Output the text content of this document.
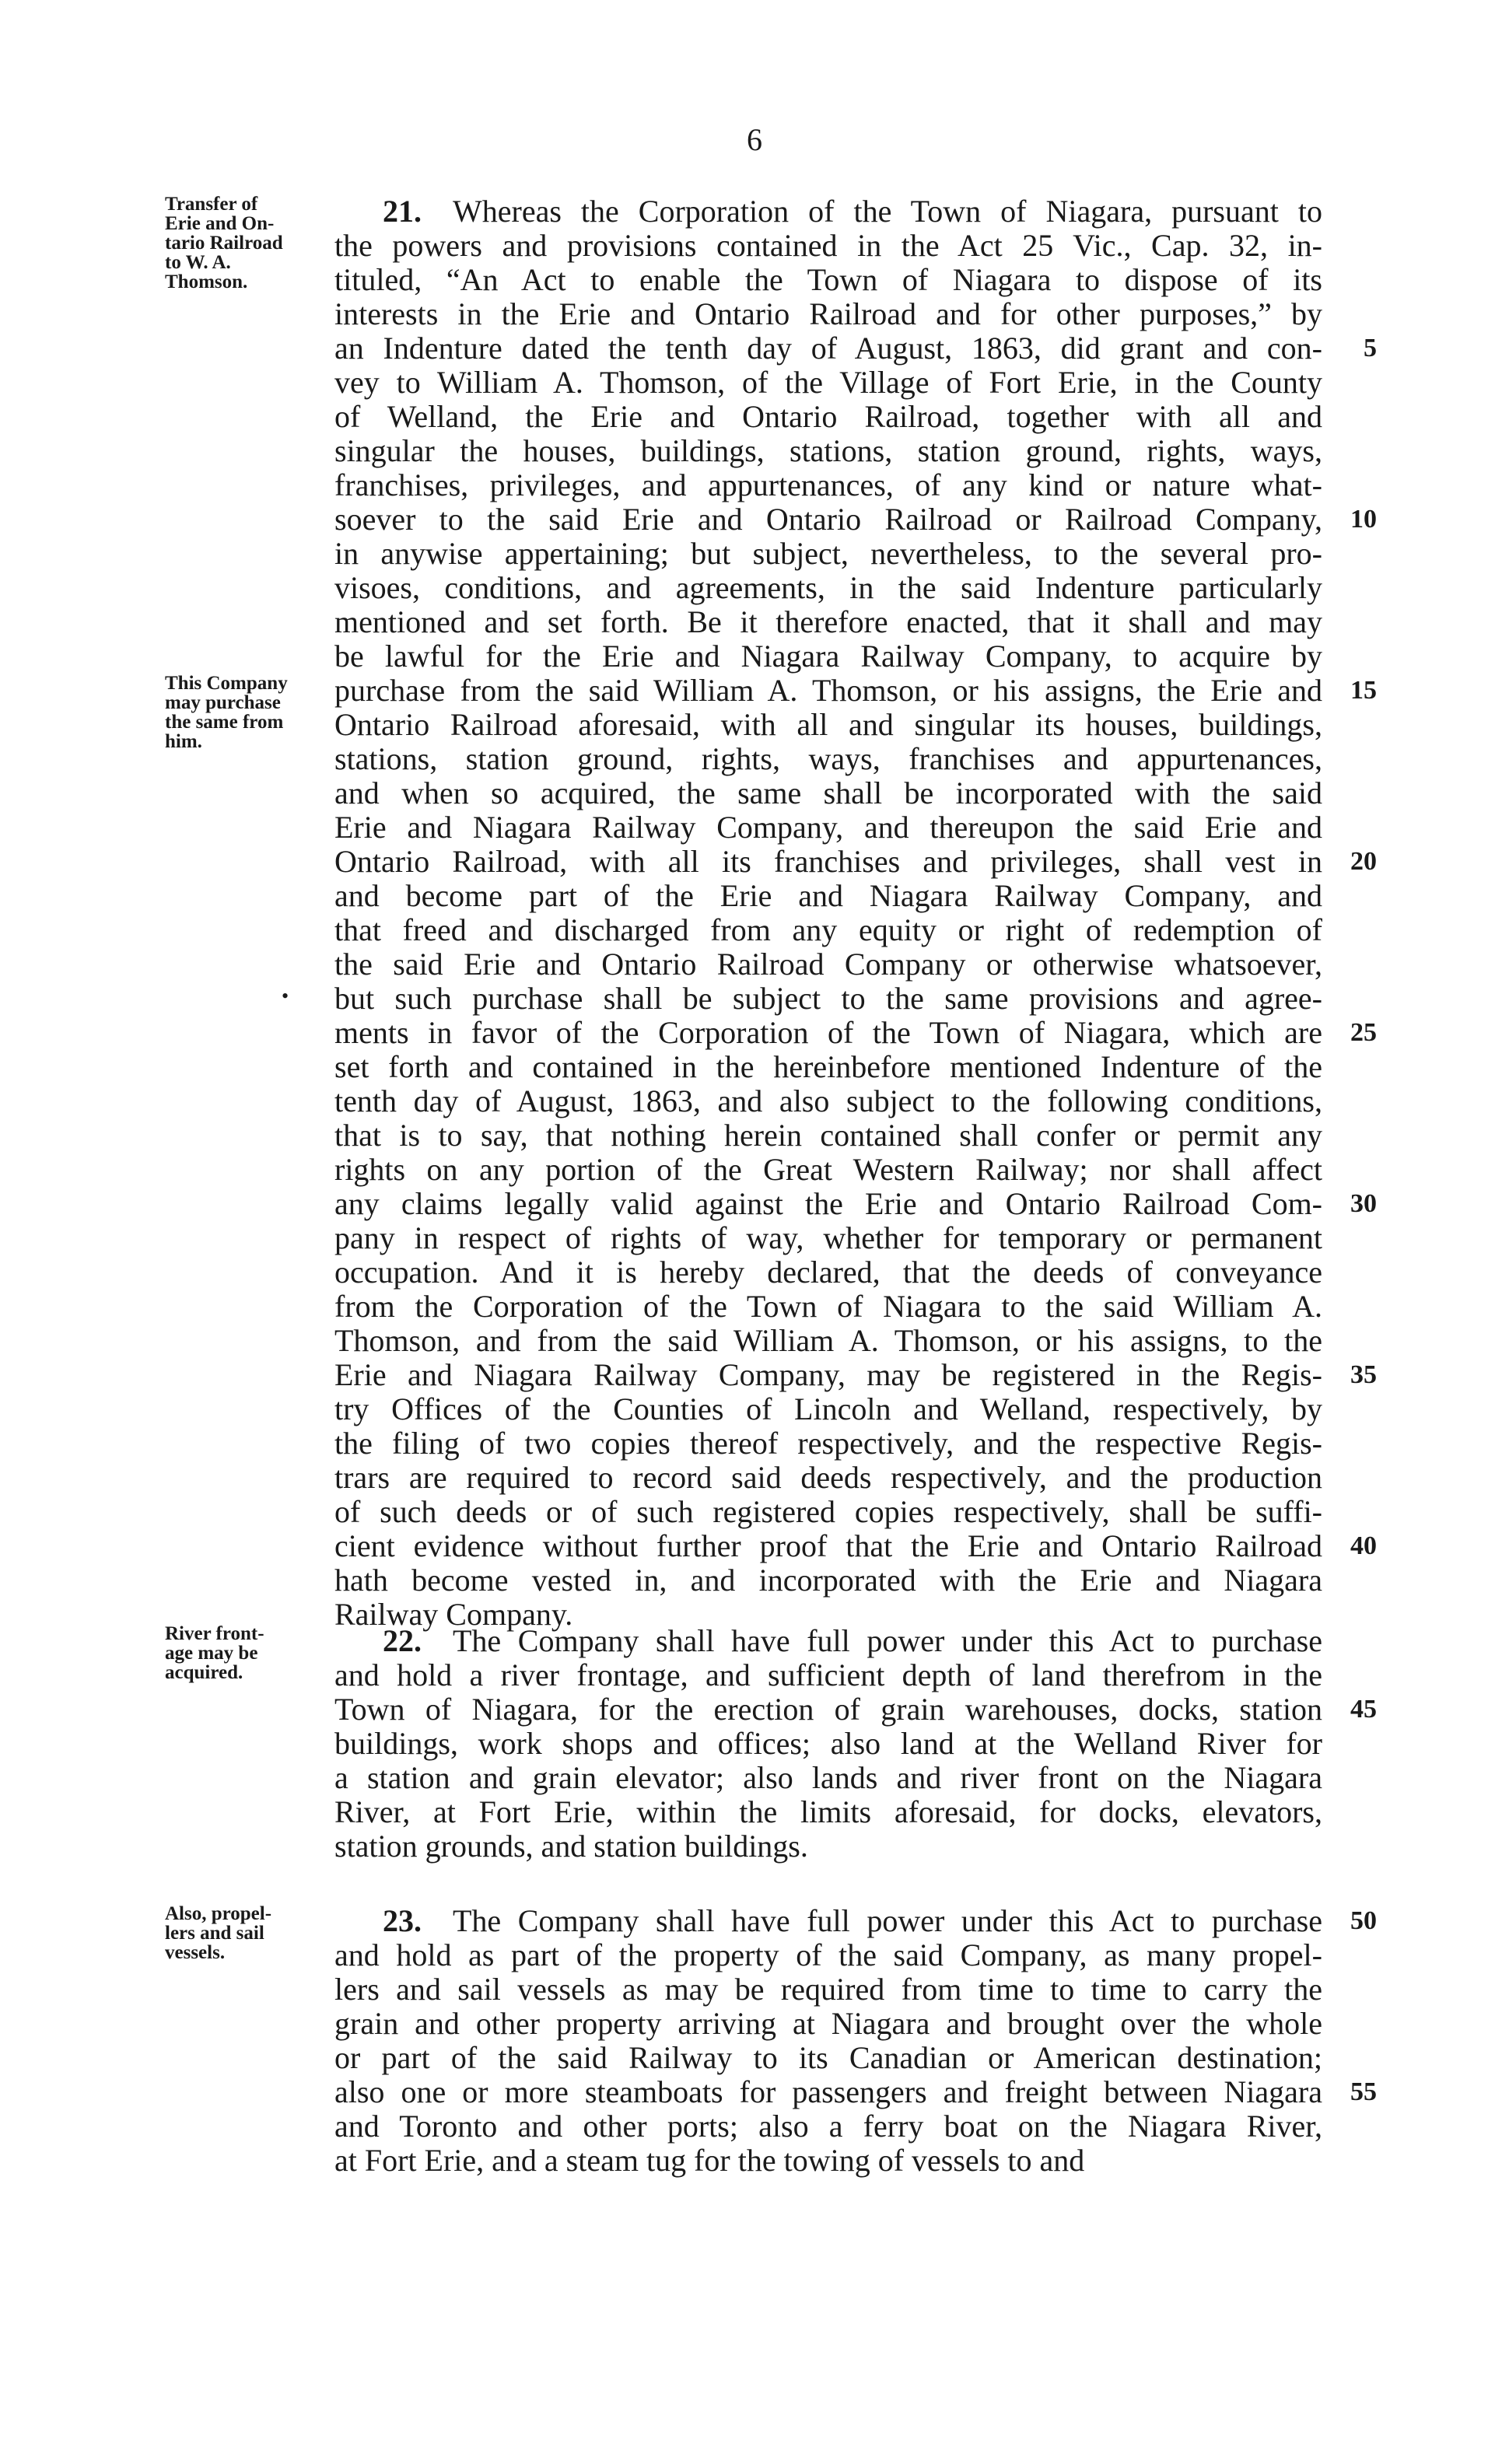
6
Transfer of
Erie and On-
tario Railroad
to W. A.
Thomson.
This Company
may purchase
the same from
him.
21.  Whereas the Corporation of the Town of Niagara, pursuant to
the powers and provisions contained in the Act 25 Vic., Cap. 32, in-
tituled, “An Act to enable the Town of Niagara to dispose of its
interests in the Erie and Ontario Railroad and for other purposes,” by
an Indenture dated the tenth day of August, 1863, did grant and con-
vey to William A. Thomson, of the Village of Fort Erie, in the County
of Welland, the Erie and Ontario Railroad, together with all and
singular the houses, buildings, stations, station ground, rights, ways,
franchises, privileges, and appurtenances, of any kind or nature what-
soever to the said Erie and Ontario Railroad or Railroad Company,
in anywise appertaining; but subject, nevertheless, to the several pro-
visoes, conditions, and agreements, in the said Indenture particularly
mentioned and set forth. Be it therefore enacted, that it shall and may
be lawful for the Erie and Niagara Railway Company, to acquire by
purchase from the said William A. Thomson, or his assigns, the Erie and
Ontario Railroad aforesaid, with all and singular its houses, buildings,
stations, station ground, rights, ways, franchises and appurtenances,
and when so acquired, the same shall be incorporated with the said
Erie and Niagara Railway Company, and thereupon the said Erie and
Ontario Railroad, with all its franchises and privileges, shall vest in
and become part of the Erie and Niagara Railway Company, and
that freed and discharged from any equity or right of redemption of
the said Erie and Ontario Railroad Company or otherwise whatsoever,
but such purchase shall be subject to the same provisions and agree-
ments in favor of the Corporation of the Town of Niagara, which are
set forth and contained in the hereinbefore mentioned Indenture of the
tenth day of August, 1863, and also subject to the following conditions,
that is to say, that nothing herein contained shall confer or permit any
rights on any portion of the Great Western Railway; nor shall affect
any claims legally valid against the Erie and Ontario Railroad Com-
pany in respect of rights of way, whether for temporary or permanent
occupation. And it is hereby declared, that the deeds of conveyance
from the Corporation of the Town of Niagara to the said William A.
Thomson, and from the said William A. Thomson, or his assigns, to the
Erie and Niagara Railway Company, may be registered in the Regis-
try Offices of the Counties of Lincoln and Welland, respectively, by
the filing of two copies thereof respectively, and the respective Regis-
trars are required to record said deeds respectively, and the production
of such deeds or of such registered copies respectively, shall be suffi-
cient evidence without further proof that the Erie and Ontario Railroad
hath become vested in, and incorporated with the Erie and Niagara
Railway Company.
5
10
15
20
25
30
35
40
River front-
age may be
acquired.
22.  The Company shall have full power under this Act to purchase
and hold a river frontage, and sufficient depth of land therefrom in the
Town of Niagara, for the erection of grain warehouses, docks, station
buildings, work shops and offices; also land at the Welland River for
a station and grain elevator; also lands and river front on the Niagara
River, at Fort Erie, within the limits aforesaid, for docks, elevators,
station grounds, and station buildings.
45
Also, propel-
lers and sail
vessels.
23.  The Company shall have full power under this Act to purchase
and hold as part of the property of the said Company, as many propel-
lers and sail vessels as may be required from time to time to carry the
grain and other property arriving at Niagara and brought over the whole
or part of the said Railway to its Canadian or American destination;
also one or more steamboats for passengers and freight between Niagara
and Toronto and other ports; also a ferry boat on the Niagara River,
at Fort Erie, and a steam tug for the towing of vessels to and
50
55
•
